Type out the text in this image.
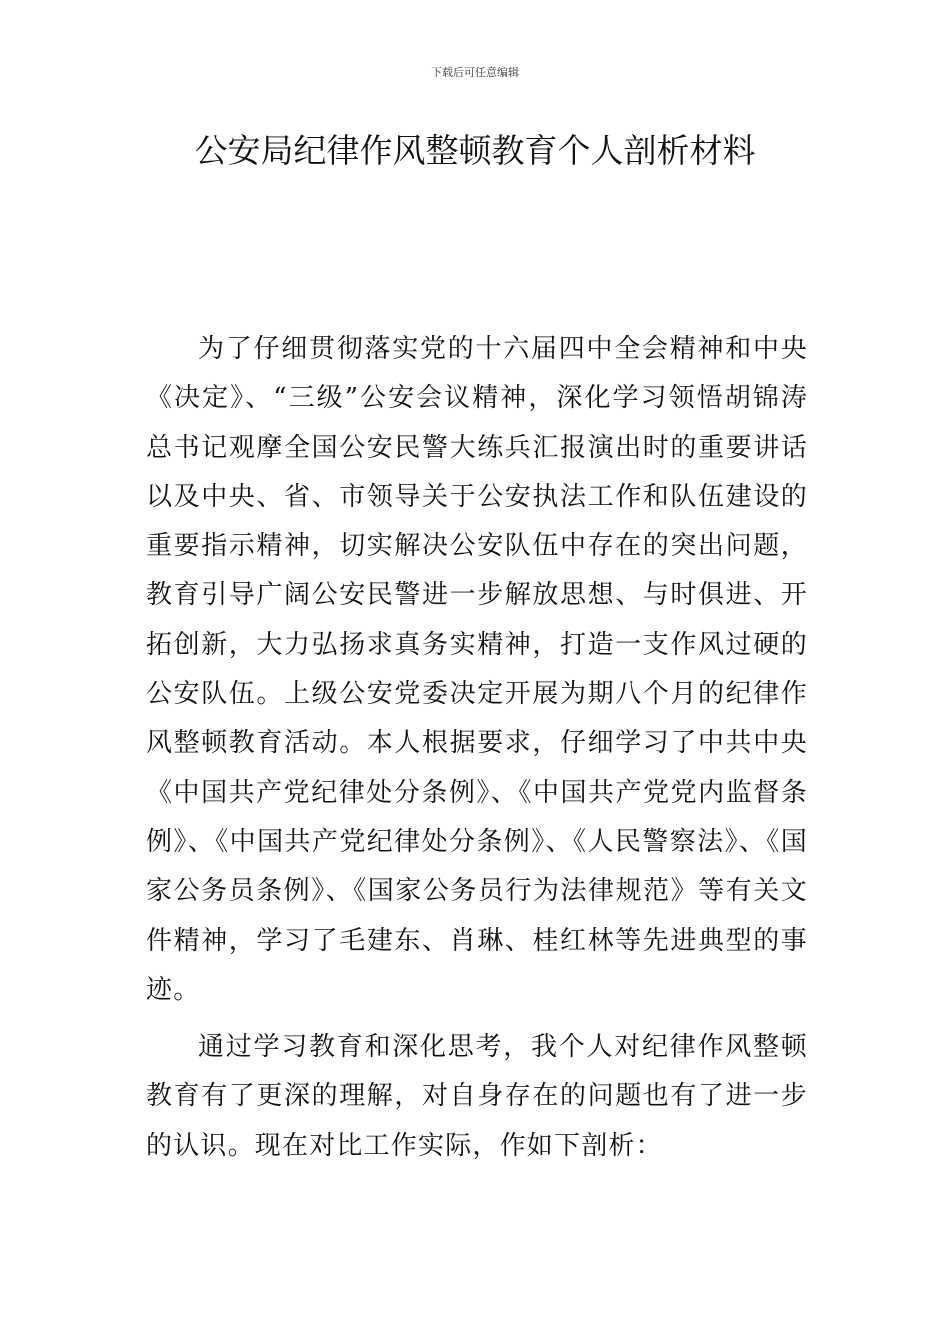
下载后可任意编辑
公安局纪律作风整顿教育个人剖析材料

为了仔细贯彻落实党的十六届四中全会精神和中央《决定》、“三级”公安会议精神，深化学习领悟胡锦涛总书记观摩全国公安民警大练兵汇报演出时的重要讲话以及中央、省、市领导关于公安执法工作和队伍建设的重要指示精神，切实解决公安队伍中存在的突出问题，教育引导广阔公安民警进一步解放思想、与时俱进、开拓创新，大力弘扬求真务实精神，打造一支作风过硬的公安队伍。上级公安党委决定开展为期八个月的纪律作风整顿教育活动。本人根据要求，仔细学习了中共中央《中国共产党纪律处分条例》、《中国共产党党内监督条例》、《中国共产党纪律处分条例》、《人民警察法》、《国家公务员条例》、《国家公务员行为法律规范》等有关文件精神，学习了毛建东、肖琳、桂红林等先进典型的事迹。

通过学习教育和深化思考，我个人对纪律作风整顿教育有了更深的理解，对自身存在的问题也有了进一步的认识。现在对比工作实际，作如下剖析：
